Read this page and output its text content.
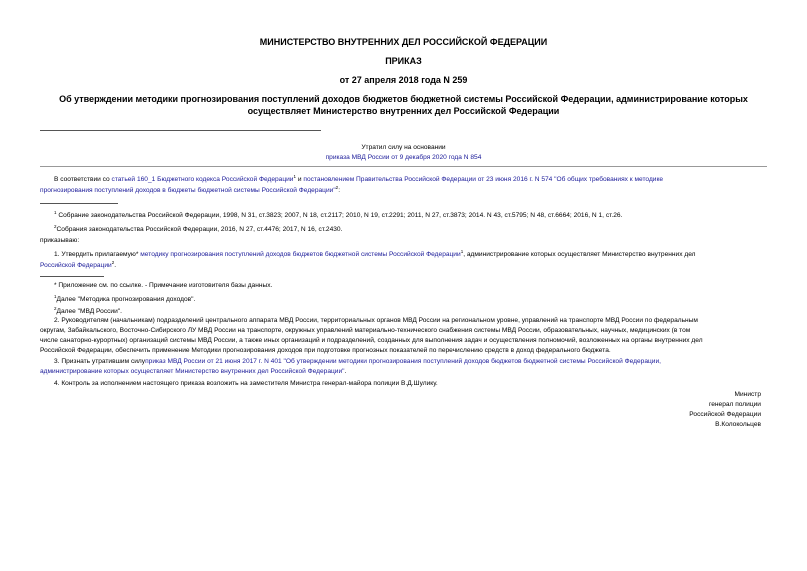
МИНИСТЕРСТВО ВНУТРЕННИХ ДЕЛ РОССИЙСКОЙ ФЕДЕРАЦИИ
ПРИКАЗ
от 27 апреля 2018 года N 259
Об утверждении методики прогнозирования поступлений доходов бюджетов бюджетной системы Российской Федерации, администрирование которых
осуществляет Министерство внутренних дел Российской Федерации
Утратил силу на основании
приказа МВД России от 9 декабря 2020 года N 854
В соответствии со статьей 160_1 Бюджетного кодекса Российской Федерации$^1$ и постановлением Правительства Российской Федерации от 23 июня 2016 г. N 574 "Об общих требованиях к методике
прогнозирования поступлений доходов в бюджеты бюджетной системы Российской Федерации"$^2$:
$^1$ Собрание законодательства Российской Федерации, 1998, N 31, ст.3823; 2007, N 18, ст.2117; 2010, N 19, ст.2291; 2011, N 27, ст.3873; 2014. N 43, ст.5795; N 48, ст.6664; 2016, N 1, ст.26.
$^2$Собрания законодательства Российской Федерации, 2016, N 27, ст.4476; 2017, N 16, ст.2430.
приказываю:
1. Утвердить прилагаемую* методику прогнозирования поступлений доходов бюджетов бюджетной системы Российской Федерации$^1$, администрирование которых осуществляет Министерство внутренних дел
Российской Федерации$^2$.
* Приложение см. по ссылке. - Примечание изготовителя базы данных.
$^1$Далее "Методика прогнозирования доходов".
$^2$Далее "МВД России".
2. Руководителям (начальникам) подразделений центрального аппарата МВД России, территориальных органов МВД России на региональном уровне, управлений на транспорте МВД России по федеральным
округам, Забайкальского, Восточно-Сибирского ЛУ МВД России на транспорте, окружных управлений материально-технического снабжения системы МВД России, образовательных, научных, медицинских (в том
числе санаторно-курортных) организаций системы МВД России, а также иных организаций и подразделений, созданных для выполнения задач и осуществления полномочий, возложенных на органы внутренних дел
Российской Федерации, обеспечить применение Методики прогнозирования доходов при подготовке прогнозных показателей по перечислению средств в доход федерального бюджета.
3. Признать утратившим силуприказ МВД России от 21 июня 2017 г. N 401 "Об утверждении методики прогнозирования поступлений доходов бюджетов бюджетной системы Российской Федерации,
администрирование которых осуществляет Министерство внутренних дел Российской Федерации".
4. Контроль за исполнением настоящего приказа возложить на заместителя Министра генерал-майора полиции В.Д.Шулику.
Министр
генерал полиции
Российской Федерации
В.Колокольцев
